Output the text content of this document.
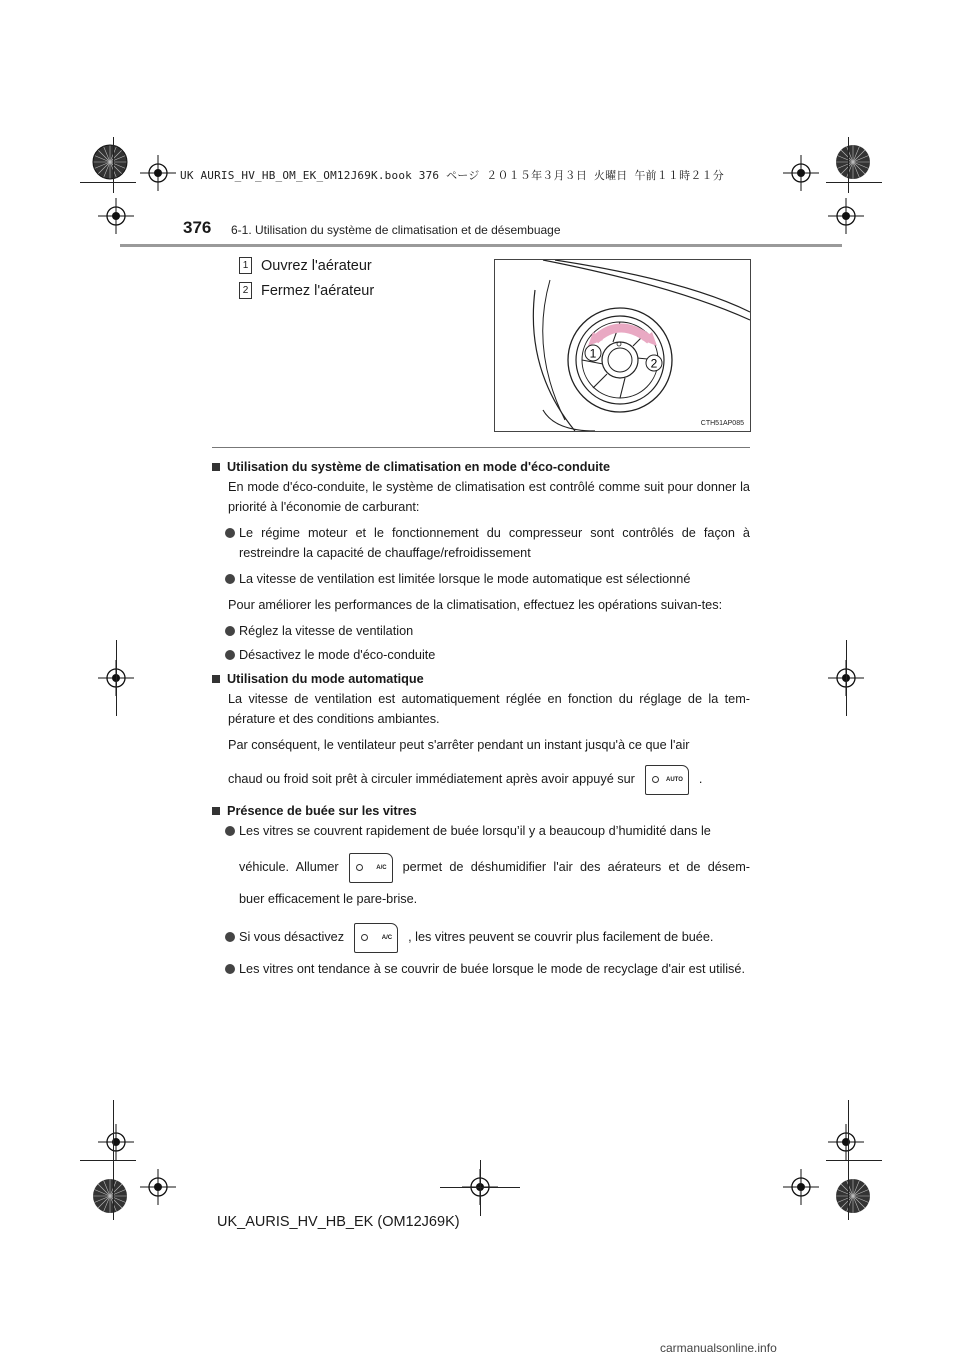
UK AURIS_HV_HB_OM_EK_OM12J69K.book 376 ページ ２０１５年３月３日 火曜日 午前１１時２１分
376 6-1. Utilisation du système de climatisation et de désembuage
1 Ouvrez l'aérateur
2 Fermez l'aérateur
1
2
CTH51AP085

Utilisation du système de climatisation en mode d'éco-conduite

En mode d'éco-conduite, le système de climatisation est contrôlé comme suit pour donner la priorité à l'économie de carburant:

Le régime moteur et le fonctionnement du compresseur sont contrôlés de façon à restreindre la capacité de chauffage/refroidissement
La vitesse de ventilation est limitée lorsque le mode automatique est sélectionné

Pour améliorer les performances de la climatisation, effectuez les opérations suivan-tes:

Réglez la vitesse de ventilation
Désactivez le mode d'éco-conduite

Utilisation du mode automatique

La vitesse de ventilation est automatiquement réglée en fonction du réglage de la tem-pérature et des conditions ambiantes.

Par conséquent, le ventilateur peut s'arrêter pendant un instant jusqu'à ce que l'air

chaud ou froid soit prêt à circuler immédiatement après avoir appuyé sur	AUTO .

Présence de buée sur les vitres

Les vitres se couvrent rapidement de buée lorsqu’il y a beaucoup d’humidité dans le

véhicule. Allumer	A/C permet de déshumidifier l'air des aérateurs et de désem-

buer efficacement le pare-brise.

Si vous désactivez	A/C , les vitres peuvent se couvrir plus facilement de buée.
Les vitres ont tendance à se couvrir de buée lorsque le mode de recyclage d'air est utilisé.
UK_AURIS_HV_HB_EK (OM12J69K)
carmanualsonline.info
